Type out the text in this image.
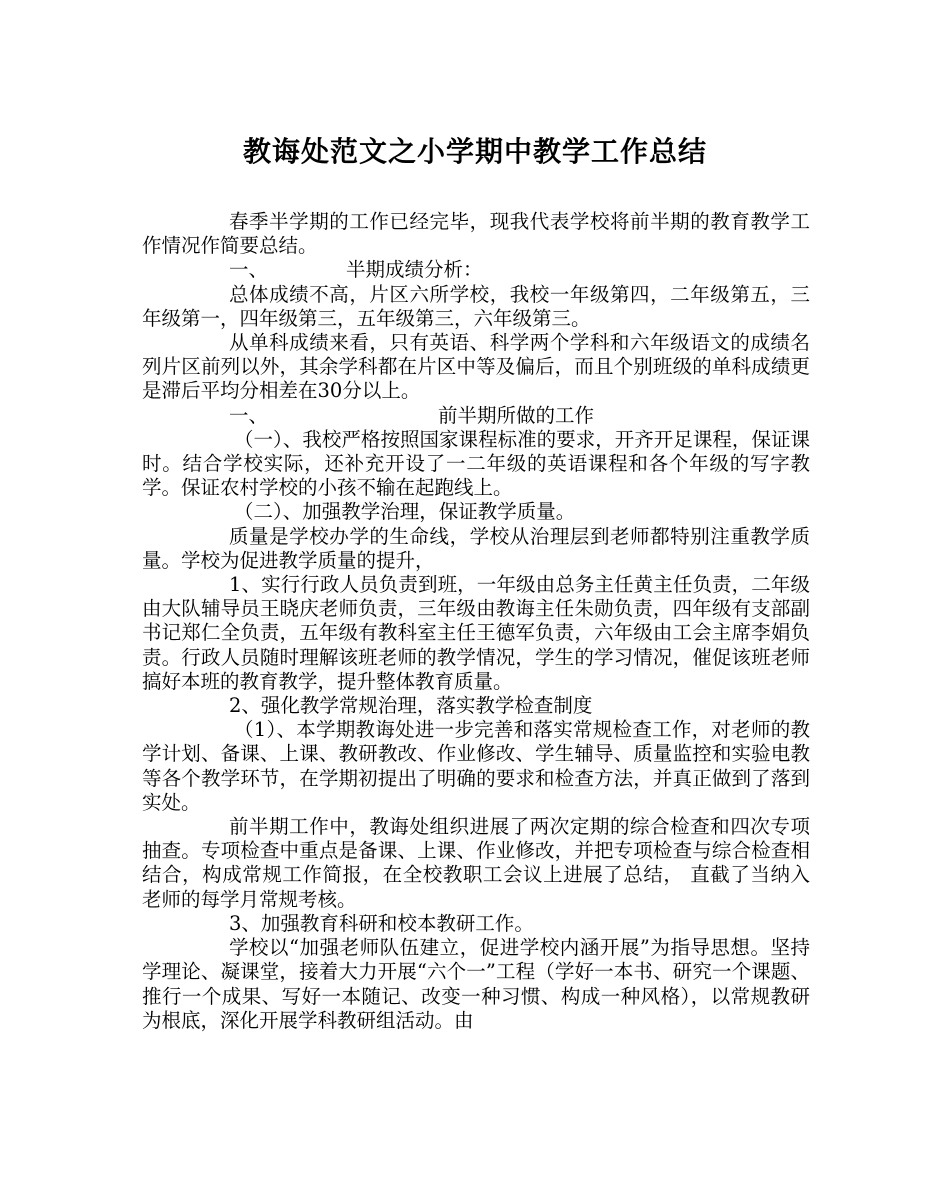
教诲处范文之小学期中教学工作总结

春季半学期的工作已经完毕，现我代表学校将前半期的教育教学工作情况作简要总结。

一、	半期成绩分析：

总体成绩不高，片区六所学校，我校一年级第四，二年级第五，三年级第一，四年级第三，五年级第三，六年级第三。

从单科成绩来看，只有英语、科学两个学科和六年级语文的成绩名列片区前列以外，其余学科都在片区中等及偏后，而且个别班级的单科成绩更是滞后平均分相差在30分以上。

一、	前半期所做的工作

（一）、我校严格按照国家课程标准的要求，开齐开足课程，保证课时。结合学校实际，还补充开设了一二年级的英语课程和各个年级的写字教学。保证农村学校的小孩不输在起跑线上。

（二）、加强教学治理，保证教学质量。

质量是学校办学的生命线，学校从治理层到老师都特别注重教学质量。学校为促进教学质量的提升，

1、实行行政人员负责到班，一年级由总务主任黄主任负责，二年级由大队辅导员王晓庆老师负责，三年级由教诲主任朱勋负责，四年级有支部副书记郑仁全负责，五年级有教科室主任王德军负责，六年级由工会主席李娟负责。行政人员随时理解该班老师的教学情况，学生的学习情况，催促该班老师搞好本班的教育教学，提升整体教育质量。

2、强化教学常规治理，落实教学检查制度

（1）、本学期教诲处进一步完善和落实常规检查工作，对老师的教学计划、备课、上课、教研教改、作业修改、学生辅导、质量监控和实验电教等各个教学环节，在学期初提出了明确的要求和检查方法，并真正做到了落到实处。

前半期工作中，教诲处组织进展了两次定期的综合检查和四次专项抽查。专项检查中重点是备课、上课、作业修改，并把专项检查与综合检查相结合，构成常规工作简报，在全校教职工会议上进展了总结， 直截了当纳入老师的每学月常规考核。

3、加强教育科研和校本教研工作。

学校以“加强老师队伍建立，促进学校内涵开展”为指导思想。坚持学理论、凝课堂，接着大力开展“六个一”工程（学好一本书、研究一个课题、推行一个成果、写好一本随记、改变一种习惯、构成一种风格），以常规教研为根底，深化开展学科教研组活动。由
